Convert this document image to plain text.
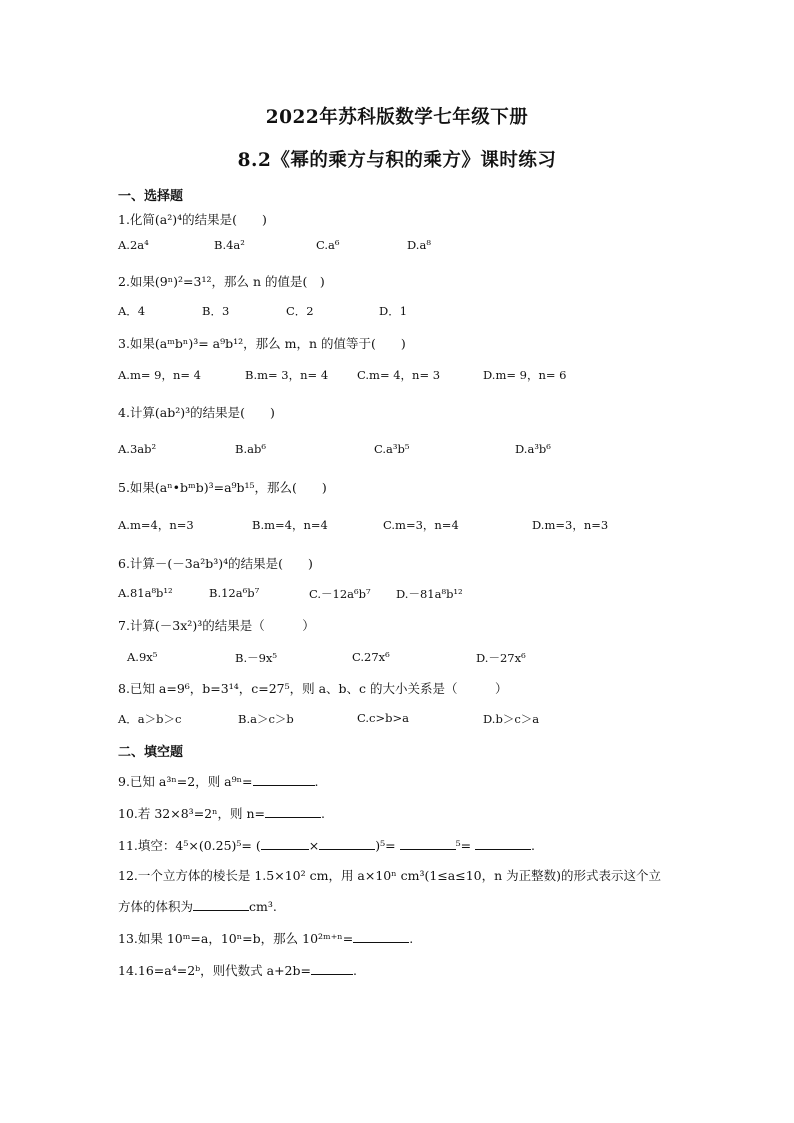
2022年苏科版数学七年级下册
8.2《幂的乘方与积的乘方》课时练习
一、选择题
1.化简(a²)⁴的结果是(　　)
A.2a⁴	B.4a²	C.a⁶	D.a⁸
2.如果(9ⁿ)²=3¹²，那么 n 的值是(　)
A．4	B．3	C．2	D．1
3.如果(aᵐbⁿ)³= a⁹b¹²，那么 m，n 的值等于(　　)
A.m= 9，n= 4	B.m= 3，n= 4	C.m= 4，n= 3	D.m= 9，n= 6
4.计算(ab²)³的结果是(　　)
A.3ab²	B.ab⁶	C.a³b⁵	D.a³b⁶
5.如果(aⁿ•bᵐb)³=a⁹b¹⁵，那么(　　)
A.m=4，n=3	B.m=4，n=4	C.m=3，n=4	D.m=3，n=3
6.计算－(－3a²b³)⁴的结果是(　　)
A.81a⁸b¹²	B.12a⁶b⁷	C.－12a⁶b⁷ D.－81a⁸b¹²
7.计算(－3x²)³的结果是（　　　）
A.9x⁵	B.－9x⁵	C.27x⁶	D.－27x⁶
8.已知 a=9⁶，b=3¹⁴，c=27⁵，则 a、b、c 的大小关系是（　　　）
A．a＞b＞c	B.a＞c＞b	C.c>b>a	D.b＞c＞a
二、填空题
9.已知 a³ⁿ=2，则 a⁹ⁿ=	.
10.若 32×8³=2ⁿ，则 n=	.
11.填空：4⁵×(0.25)⁵= (	×	)⁵=	⁵=	.
12.一个立方体的棱长是 1.5×10² cm，用 a×10ⁿ cm³(1≤a≤10，n 为正整数)的形式表示这个立
方体的体积为	cm³.
13.如果 10ᵐ=a，10ⁿ=b，那么 10²ᵐ⁺ⁿ=	.
14.16=a⁴=2ᵇ，则代数式 a+2b=	.
